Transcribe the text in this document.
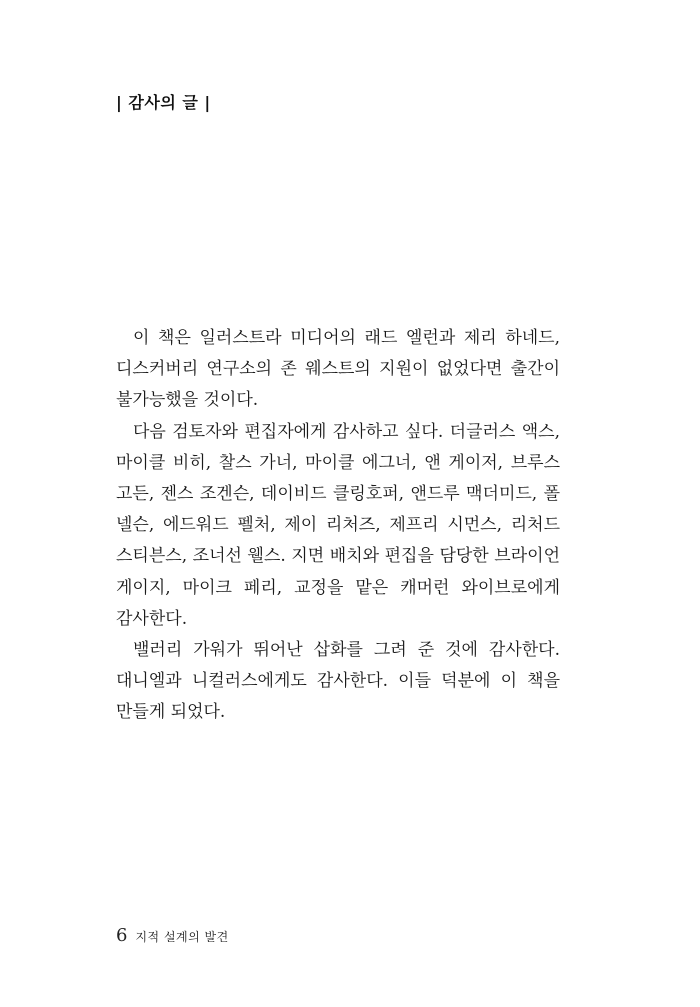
| 감사의 글 |

이 책은 일러스트라 미디어의 래드 엘런과 제리 하네드, 디스커버리 연구소의 존 웨스트의 지원이 없었다면 출간이 불가능했을 것이다.

다음 검토자와 편집자에게 감사하고 싶다. 더글러스 액스, 마이클 비히, 찰스 가너, 마이클 에그너, 앤 게이저, 브루스 고든, 젠스 조겐슨, 데이비드 클링호퍼, 앤드루 맥더미드, 폴 넬슨, 에드워드 펠처, 제이 리처즈, 제프리 시먼스, 리처드 스티븐스, 조너선 웰스. 지면 배치와 편집을 담당한 브라이언 게이지, 마이크 페리, 교정을 맡은 캐머런 와이브로에게 감사한다.

밸러리 가워가 뛰어난 삽화를 그려 준 것에 감사한다. 대니엘과 니컬러스에게도 감사한다. 이들 덕분에 이 책을 만들게 되었다.

6 지적 설계의 발견
